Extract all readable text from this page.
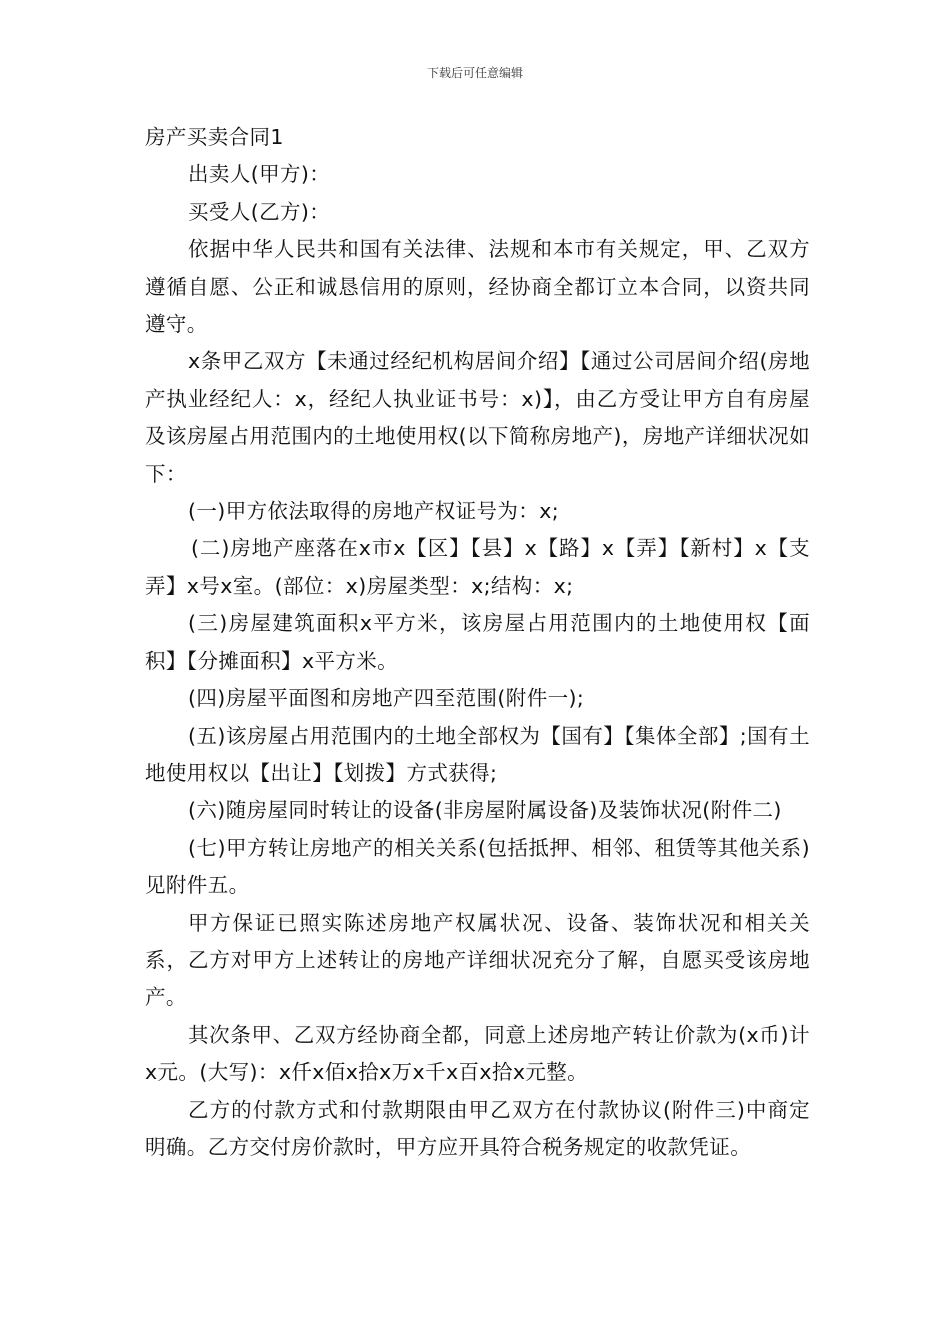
下载后可任意编辑

房产买卖合同1

出卖人(甲方)：

买受人(乙方)：

依据中华人民共和国有关法律、法规和本市有关规定，甲、乙双方遵循自愿、公正和诚恳信用的原则，经协商全都订立本合同，以资共同遵守。

x条甲乙双方【未通过经纪机构居间介绍】【通过公司居间介绍(房地产执业经纪人：x，经纪人执业证书号：x)】，由乙方受让甲方自有房屋及该房屋占用范围内的土地使用权(以下简称房地产)，房地产详细状况如下：

(一)甲方依法取得的房地产权证号为：x;

(二)房地产座落在x市x【区】【县】x【路】x【弄】【新村】x【支弄】x号x室。(部位：x)房屋类型：x;结构：x;

(三)房屋建筑面积x平方米，该房屋占用范围内的土地使用权【面积】【分摊面积】x平方米。

(四)房屋平面图和房地产四至范围(附件一);

(五)该房屋占用范围内的土地全部权为【国有】【集体全部】;国有土地使用权以【出让】【划拨】方式获得;

(六)随房屋同时转让的设备(非房屋附属设备)及装饰状况(附件二)

(七)甲方转让房地产的相关关系(包括抵押、相邻、租赁等其他关系)见附件五。

甲方保证已照实陈述房地产权属状况、设备、装饰状况和相关关系，乙方对甲方上述转让的房地产详细状况充分了解，自愿买受该房地产。

其次条甲、乙双方经协商全都，同意上述房地产转让价款为(x币)计x元。(大写)：x仟x佰x拾x万x千x百x拾x元整。

乙方的付款方式和付款期限由甲乙双方在付款协议(附件三)中商定明确。乙方交付房价款时，甲方应开具符合税务规定的收款凭证。
